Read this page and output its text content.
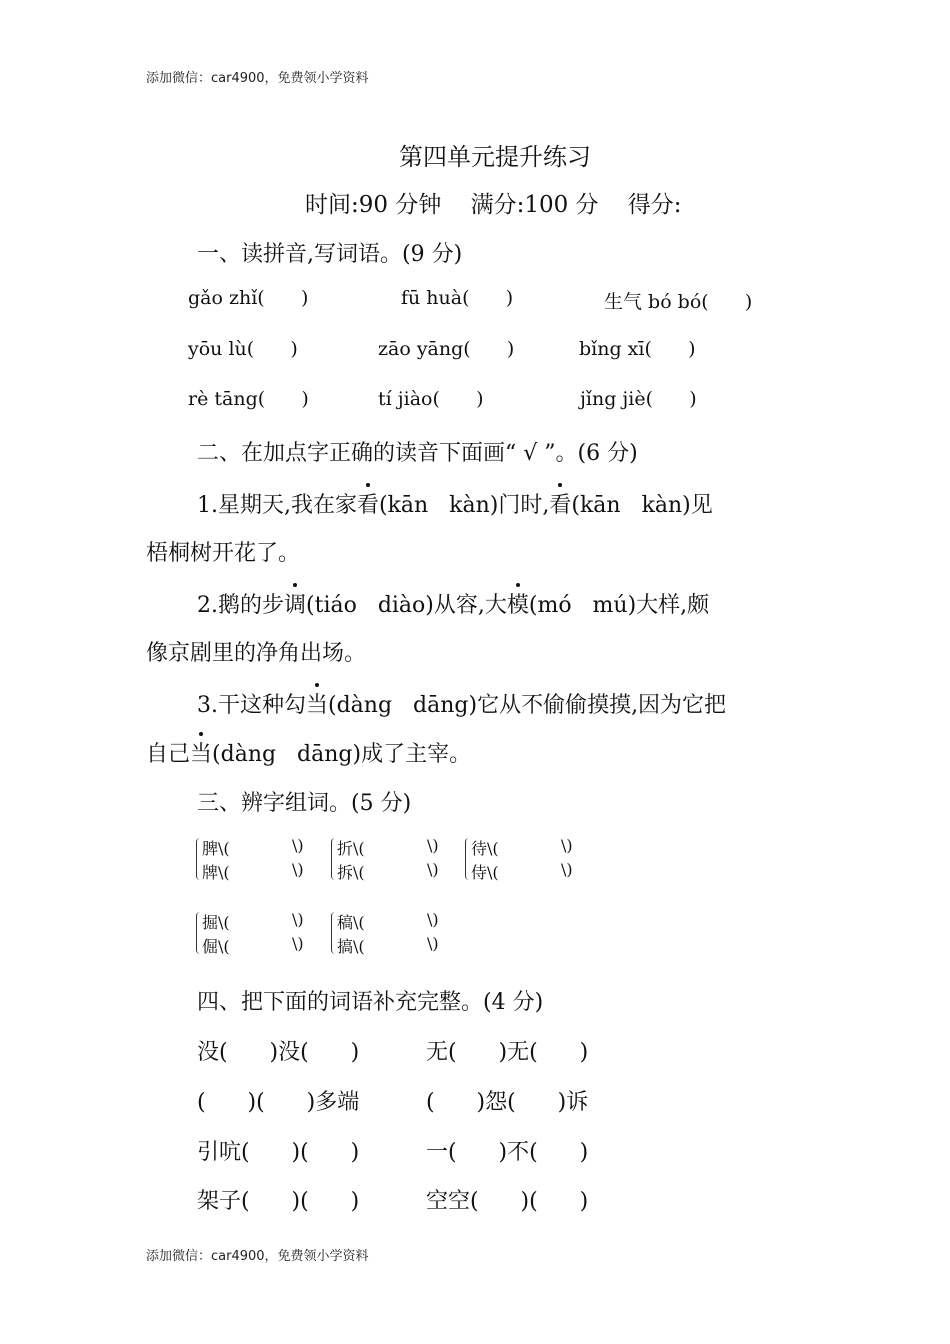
添加微信：car4900，免费领小学资料
第四单元提升练习
时间:90 分钟    满分:100 分    得分:
一、读拼音,写词语。(9 分)
gǎo zhǐ(      )	fū huà(      )	生气 bó bó(      )
yōu lù(      )	zāo yāng(      )	bǐng xī(      )
rè tāng(      )	tí jiào(      )	jǐng jiè(      )
二、在加点字正确的读音下面画“ √ ”。(6 分)
1.星期天,我在家看(kān   kàn)门时,看(kān   kàn)见
梧桐树开花了。
2.鹅的步调(tiáo   diào)从容,大模(mó   mú)大样,颇
像京剧里的净角出场。
3.干这种勾当(dàng   dāng)它从不偷偷摸摸,因为它把
自己当(dàng   dāng)成了主宰。
三、辨字组词。(5 分)
脾\(	\)
牌\(	\)
折\(	\)
拆\(	\)
待\(	\)
侍\(	\)
掘\(	\)
倔\(	\)
稿\(	\)
搞\(	\)
四、把下面的词语补充完整。(4 分)
没(      )没(      )	无(      )无(      )
(      )(      )多端	(      )怨(      )诉
引吭(      )(      )	一(      )不(      )
架子(      )(      )	空空(      )(      )
添加微信：car4900，免费领小学资料
